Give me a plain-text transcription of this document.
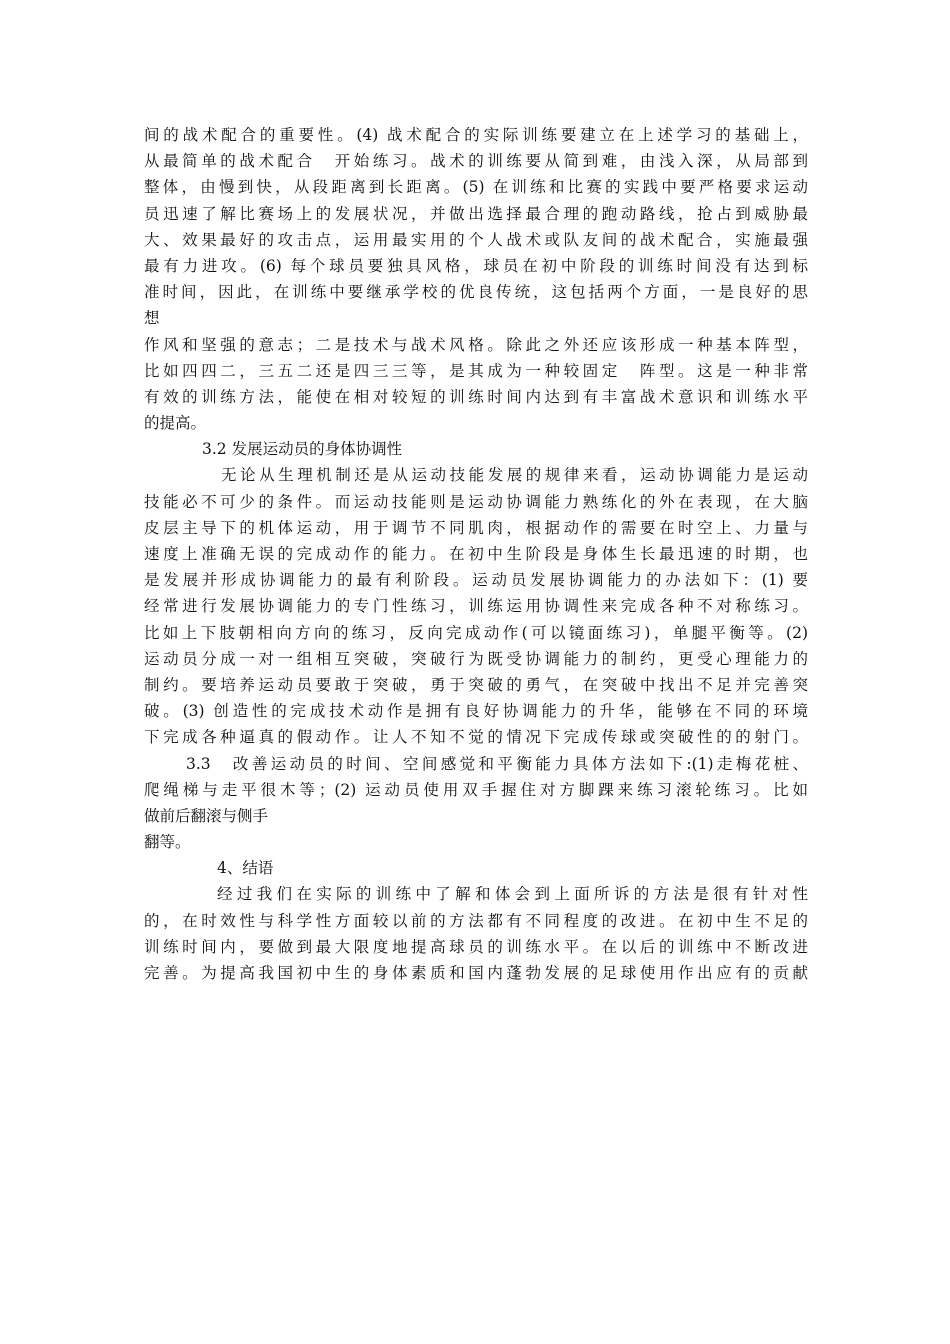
间的战术配合的重要性。(4) 战术配合的实际训练要建立在上述学习的基础上，
从最简单的战术配合　开始练习。战术的训练要从简到难，由浅入深，从局部到
整体，由慢到快，从段距离到长距离。(5) 在训练和比赛的实践中要严格要求运动
员迅速了解比赛场上的发展状况，并做出选择最合理的跑动路线，抢占到威胁最
大、效果最好的攻击点，运用最实用的个人战术或队友间的战术配合，实施最强
最有力进攻。(6) 每个球员要独具风格，球员在初中阶段的训练时间没有达到标
准时间，因此，在训练中要继承学校的优良传统，这包括两个方面，一是良好的思
想
作风和坚强的意志；二是技术与战术风格。除此之外还应该形成一种基本阵型，
比如四四二，三五二还是四三三等，是其成为一种较固定　阵型。这是一种非常
有效的训练方法，能使在相对较短的训练时间内达到有丰富战术意识和训练水平
的提高。
3.2 发展运动员的身体协调性
无论从生理机制还是从运动技能发展的规律来看，运动协调能力是运动
技能必不可少的条件。而运动技能则是运动协调能力熟练化的外在表现，在大脑
皮层主导下的机体运动，用于调节不同肌肉，根据动作的需要在时空上、力量与
速度上准确无误的完成动作的能力。在初中生阶段是身体生长最迅速的时期，也
是发展并形成协调能力的最有利阶段。运动员发展协调能力的办法如下：(1) 要
经常进行发展协调能力的专门性练习，训练运用协调性来完成各种不对称练习。
比如上下肢朝相向方向的练习，反向完成动作(可以镜面练习)，单腿平衡等。(2)
运动员分成一对一组相互突破，突破行为既受协调能力的制约，更受心理能力的
制约。要培养运动员要敢于突破，勇于突破的勇气，在突破中找出不足并完善突
破。(3) 创造性的完成技术动作是拥有良好协调能力的升华，能够在不同的环境
下完成各种逼真的假动作。让人不知不觉的情况下完成传球或突破性的的射门。
3.3　改善运动员的时间、空间感觉和平衡能力具体方法如下:(1)走梅花桩、
爬绳梯与走平很木等；(2) 运动员使用双手握住对方脚踝来练习滚轮练习。比如
做前后翻滚与侧手
翻等。
4、结语
经过我们在实际的训练中了解和体会到上面所诉的方法是很有针对性
的，在时效性与科学性方面较以前的方法都有不同程度的改进。在初中生不足的
训练时间内，要做到最大限度地提高球员的训练水平。在以后的训练中不断改进
完善。为提高我国初中生的身体素质和国内蓬勃发展的足球使用作出应有的贡献
